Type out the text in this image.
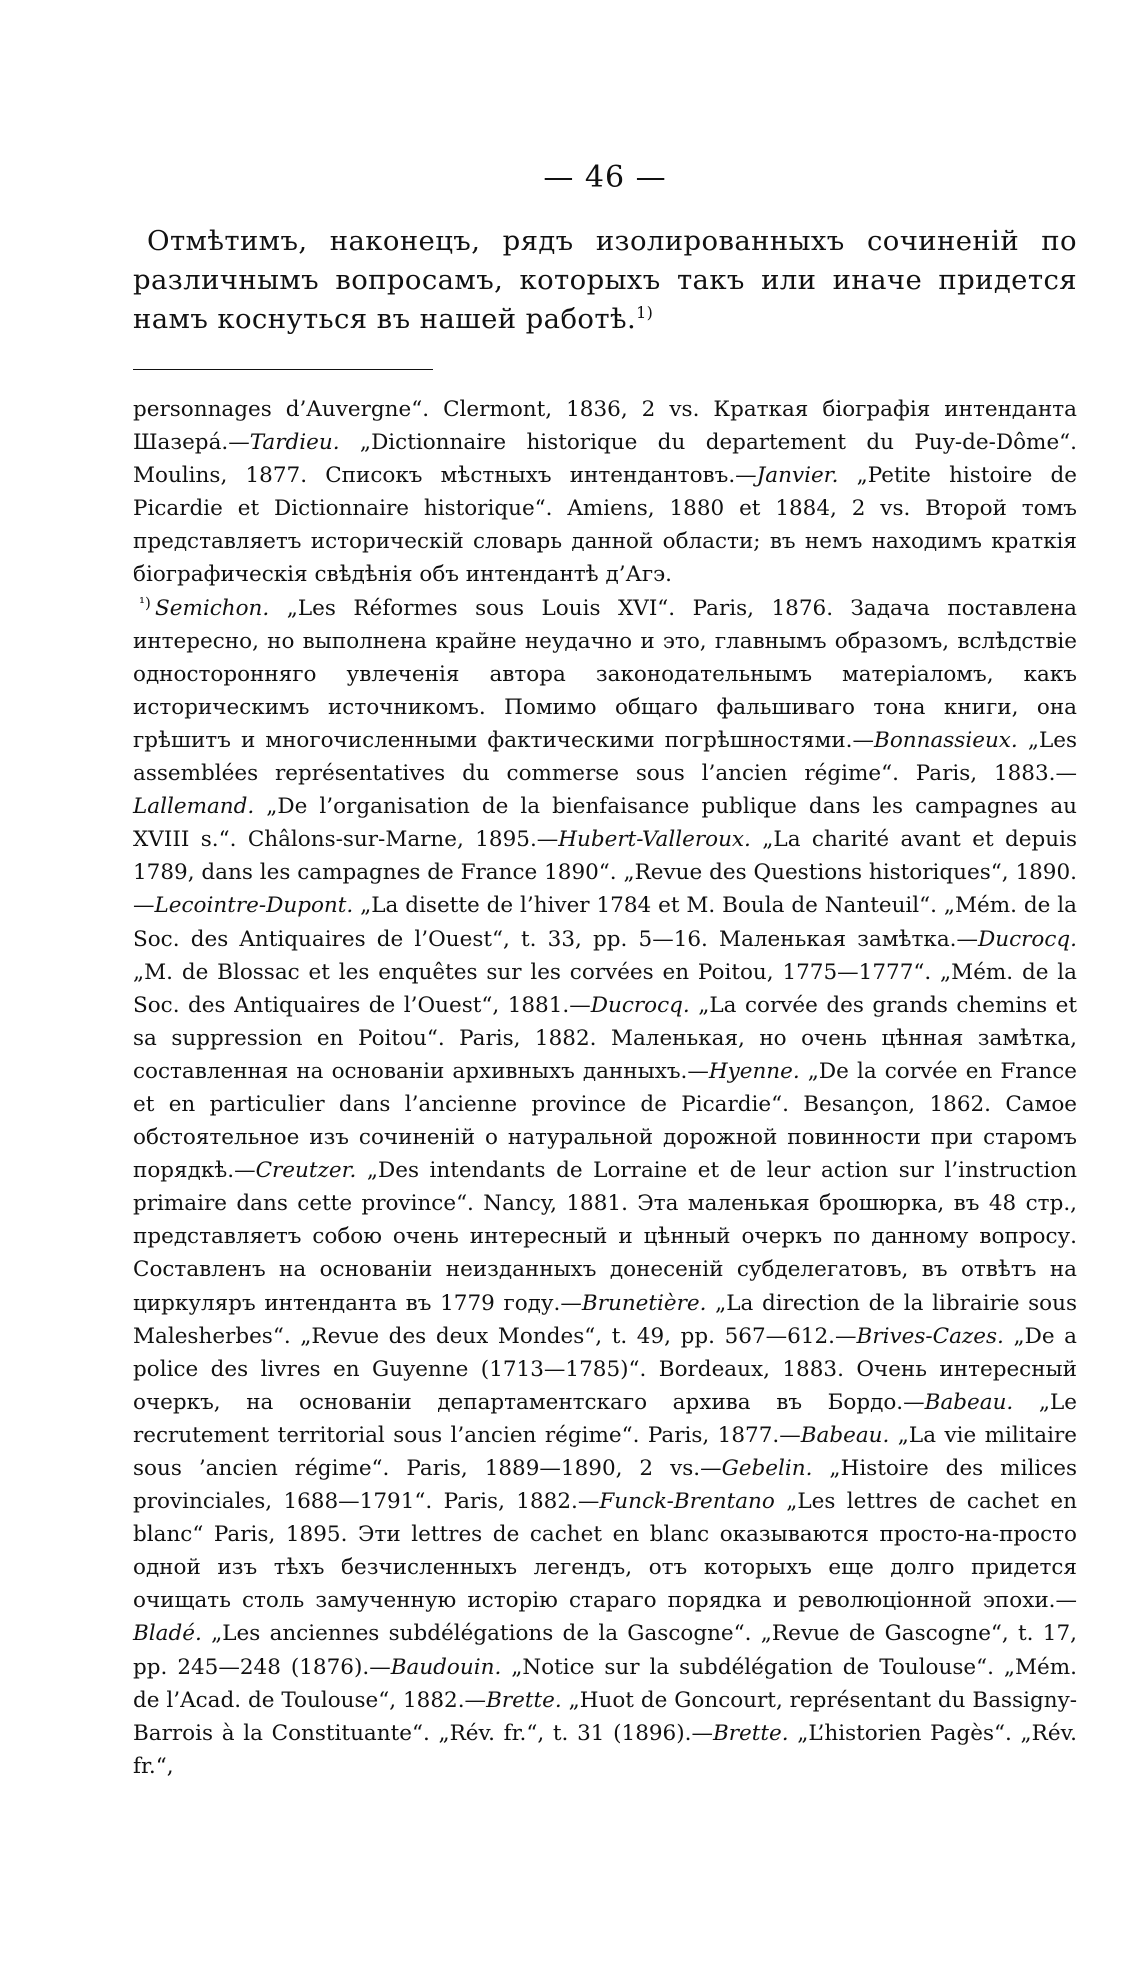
— 46 —
Отмѣтимъ, наконецъ, рядъ изолированныхъ сочиненій по различнымъ вопросамъ, которыхъ такъ или иначе придется намъ коснуться въ нашей работѣ.$^{1)}$

personnages d’Auvergne“. Clermont, 1836, 2 vs. Краткая біографія интенданта Шазерá.—Tardieu. „Dictionnaire historique du departement du Puy-de-Dôme“. Moulins, 1877. Списокъ мѣстныхъ интендантовъ.—Janvier. „Petite histoire de Picardie et Dictionnaire historique“. Amiens, 1880 et 1884, 2 vs. Второй томъ представляетъ историческій словарь данной области; въ немъ находимъ краткія біографическія свѣдѣнія объ интендантѣ д’Агэ.

¹) Semichon. „Les Réformes sous Louis XVI“. Paris, 1876. Задача поставлена интересно, но выполнена крайне неудачно и это, главнымъ образомъ, вслѣдствіе односторонняго увлеченія автора законодательнымъ матеріаломъ, какъ историческимъ источникомъ. Помимо общаго фальшиваго тона книги, она грѣшитъ и многочисленными фактическими погрѣшностями.—Bonnassieux. „Les assemblées représentatives du commerse sous l’ancien régime“. Paris, 1883.—Lallemand. „De l’organisation de la bienfaisance publique dans les campagnes au XVIII s.“. Châlons-sur-Marne, 1895.—Hubert-Valleroux. „La charité avant et depuis 1789, dans les campagnes de France 1890“. „Revue des Questions historiques“, 1890.—Lecointre-Dupont. „La disette de l’hiver 1784 et M. Boula de Nanteuil“. „Mém. de la Soc. des Antiquaires de l’Ouest“, t. 33, pp. 5—16. Маленькая замѣтка.—Ducrocq. „M. de Blossac et les enquêtes sur les corvées en Poitou, 1775—1777“. „Mém. de la Soc. des Antiquaires de l’Ouest“, 1881.—Ducrocq. „La corvée des grands chemins et sa suppression en Poitou“. Paris, 1882. Маленькая, но очень цѣнная замѣтка, составленная на основаніи архивныхъ данныхъ.—Hyenne. „De la corvée en France et en particulier dans l’ancienne province de Picardie“. Besançon, 1862. Самое обстоятельное изъ сочиненій о натуральной дорожной повинности при старомъ порядкѣ.—Creutzer. „Des intendants de Lorraine et de leur action sur l’instruction primaire dans cette province“. Nancy, 1881. Эта маленькая брошюрка, въ 48 стр., представляетъ собою очень интересный и цѣнный очеркъ по данному вопросу. Составленъ на основаніи неизданныхъ донесеній субделегатовъ, въ отвѣтъ на циркуляръ интенданта въ 1779 году.—Brunetière. „La direction de la librairie sous Malesherbes“. „Revue des deux Mondes“, t. 49, pp. 567—612.—Brives-Cazes. „De a police des livres en Guyenne (1713—1785)“. Bordeaux, 1883. Очень интересный очеркъ, на основаніи департаментскаго архива въ Бордо.—Babeau. „Le recrutement territorial sous l’ancien régime“. Paris, 1877.—Babeau. „La vie militaire sous ’ancien régime“. Paris, 1889—1890, 2 vs.—Gebelin. „Histoire des milices provinciales, 1688—1791“. Paris, 1882.—Funck-Brentano „Les lettres de cachet en blanc“ Paris, 1895. Эти lettres de cachet en blanc оказываются просто-на-просто одной изъ тѣхъ безчисленныхъ легендъ, отъ которыхъ еще долго придется очищать столь замученную исторію стараго порядка и революціонной эпохи.—Bladé. „Les anciennes subdélégations de la Gascogne“. „Revue de Gascogne“, t. 17, pp. 245—248 (1876).—Baudouin. „Notice sur la subdélégation de Toulouse“. „Mém. de l’Acad. de Toulouse“, 1882.—Brette. „Huot de Goncourt, représentant du Bassigny-Barrois à la Constituante“. „Rév. fr.“, t. 31 (1896).—Brette. „L’historien Pagès“. „Rév. fr.“,
